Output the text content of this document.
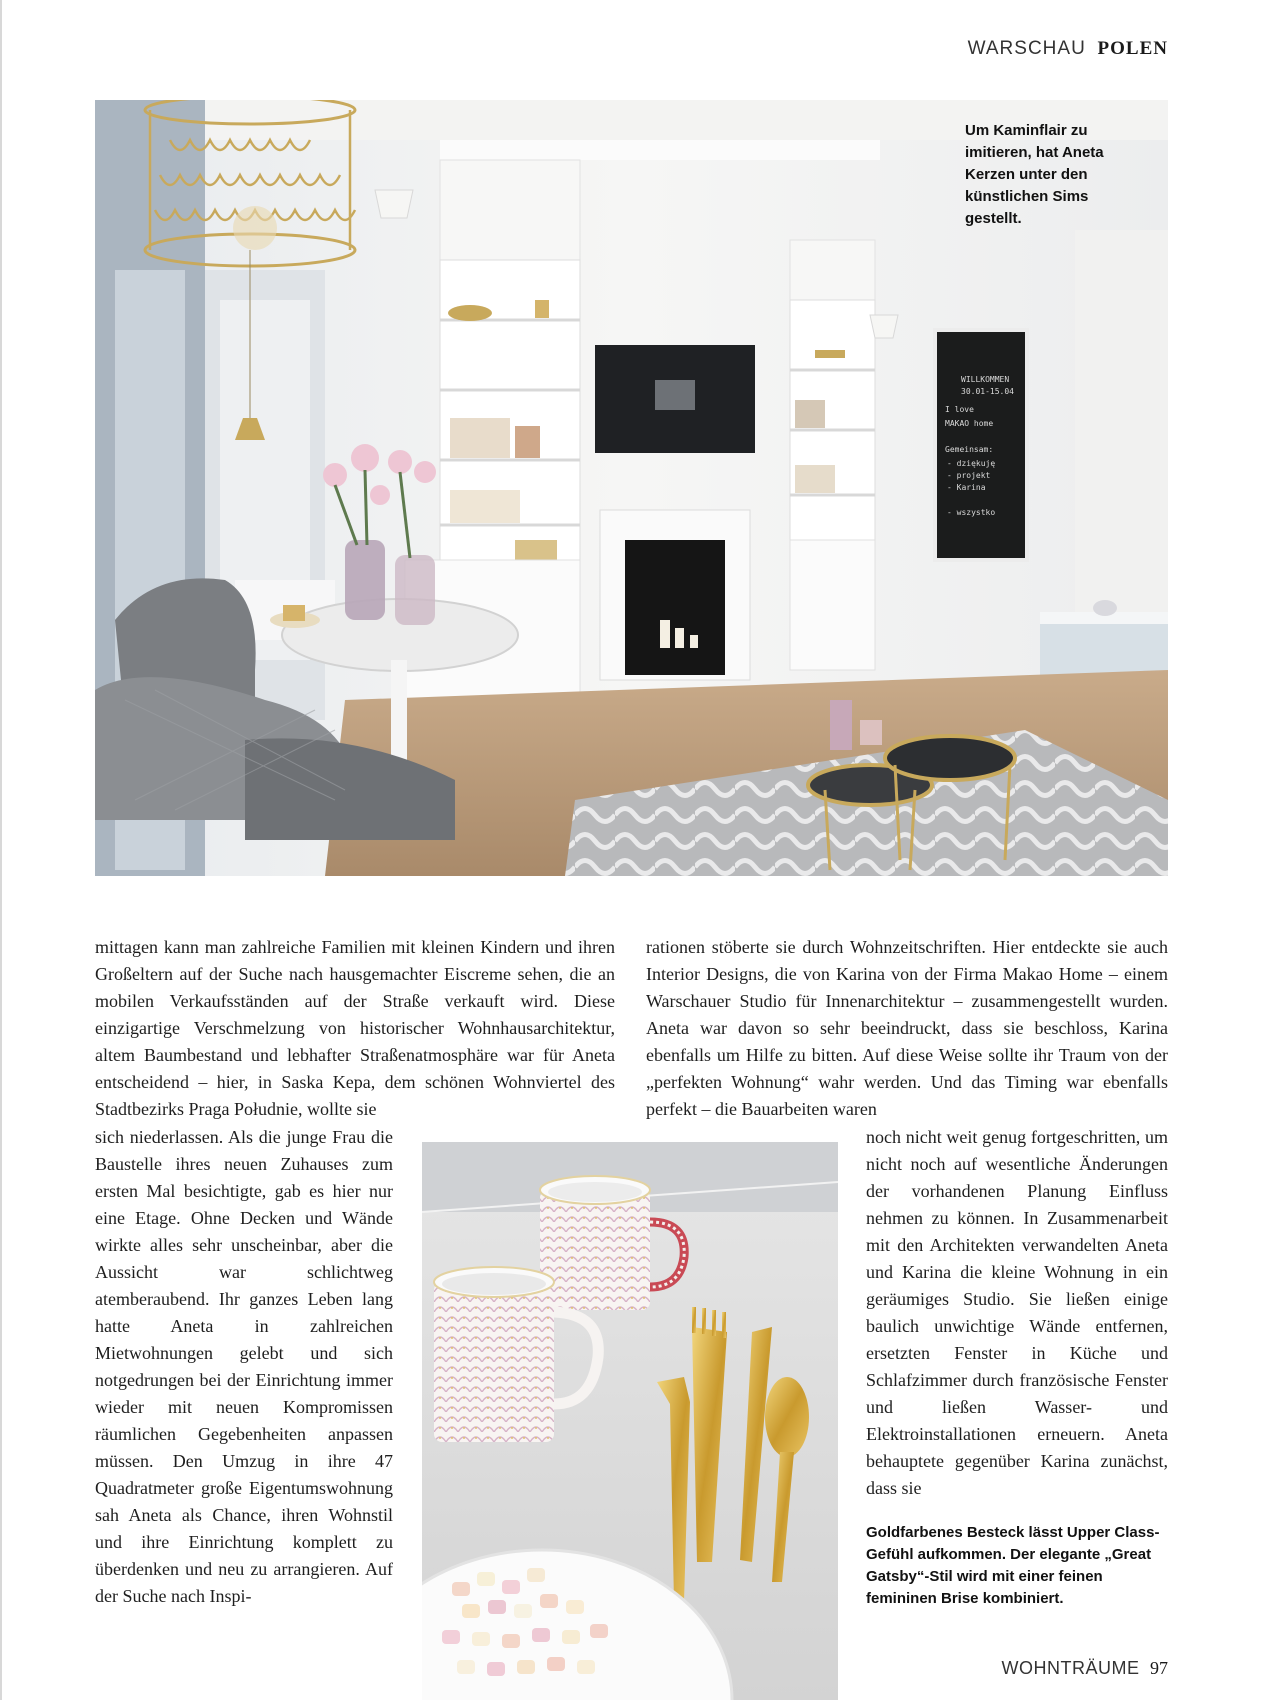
WARSCHAU POLEN
WILLKOMMEN
30.01-15.04
I love
MAKAO home
Gemeinsam:
- dziękuję
- projekt
- Karina
- wszystko
Um Kaminflair zu imitieren, hat Aneta Kerzen unter den künstlichen Sims gestellt.

mittagen kann man zahlreiche Familien mit kleinen Kindern und ihren Großeltern auf der Suche nach hausgemachter Eiscreme sehen, die an mobilen Verkaufsständen auf der Straße verkauft wird. Diese einzigartige Verschmelzung von historischer Wohnhausarchitektur, altem Baumbestand und lebhafter Straßenatmosphäre war für Aneta entscheidend – hier, in Saska Kepa, dem schönen Wohnviertel des Stadtbezirks Praga Południe, wollte sie

sich niederlassen. Als die junge Frau die Baustelle ihres neuen Zuhauses zum ersten Mal besichtigte, gab es hier nur eine Etage. Ohne Decken und Wände wirkte alles sehr unscheinbar, aber die Aussicht war schlichtweg atemberaubend. Ihr ganzes Leben lang hatte Aneta in zahlreichen Mietwohnungen gelebt und sich notgedrungen bei der Einrichtung immer wieder mit neuen Kompromissen räumlichen Gegebenheiten anpassen müssen. Den Umzug in ihre 47 Quadratmeter große Eigentumswohnung sah Aneta als Chance, ihren Wohnstil und ihre Einrichtung komplett zu überdenken und neu zu arrangieren. Auf der Suche nach Inspi-

rationen stöberte sie durch Wohnzeitschriften. Hier entdeckte sie auch Interior Designs, die von Karina von der Firma Makao Home – einem Warschauer Studio für Innenarchitektur – zusammengestellt wurden. Aneta war davon so sehr beeindruckt, dass sie beschloss, Karina ebenfalls um Hilfe zu bitten. Auf diese Weise sollte ihr Traum von der „perfekten Wohnung“ wahr werden. Und das Timing war ebenfalls perfekt – die Bauarbeiten waren

noch nicht weit genug fortgeschritten, um nicht noch auf wesentliche Änderungen der vorhandenen Planung Einfluss nehmen zu können. In Zusammenarbeit mit den Architekten verwandelten Aneta und Karina die kleine Wohnung in ein geräumiges Studio. Sie ließen einige baulich unwichtige Wände entfernen, ersetzten Fenster in Küche und Schlafzimmer durch französische Fenster und ließen Wasser- und Elektroinstallationen erneuern. Aneta behauptete gegenüber Karina zunächst, dass sie

Goldfarbenes Besteck lässt Upper Class-Gefühl aufkommen. Der elegante „Great Gatsby“-Stil wird mit einer feinen femininen Brise kombiniert.
WOHNTRÄUME 97
